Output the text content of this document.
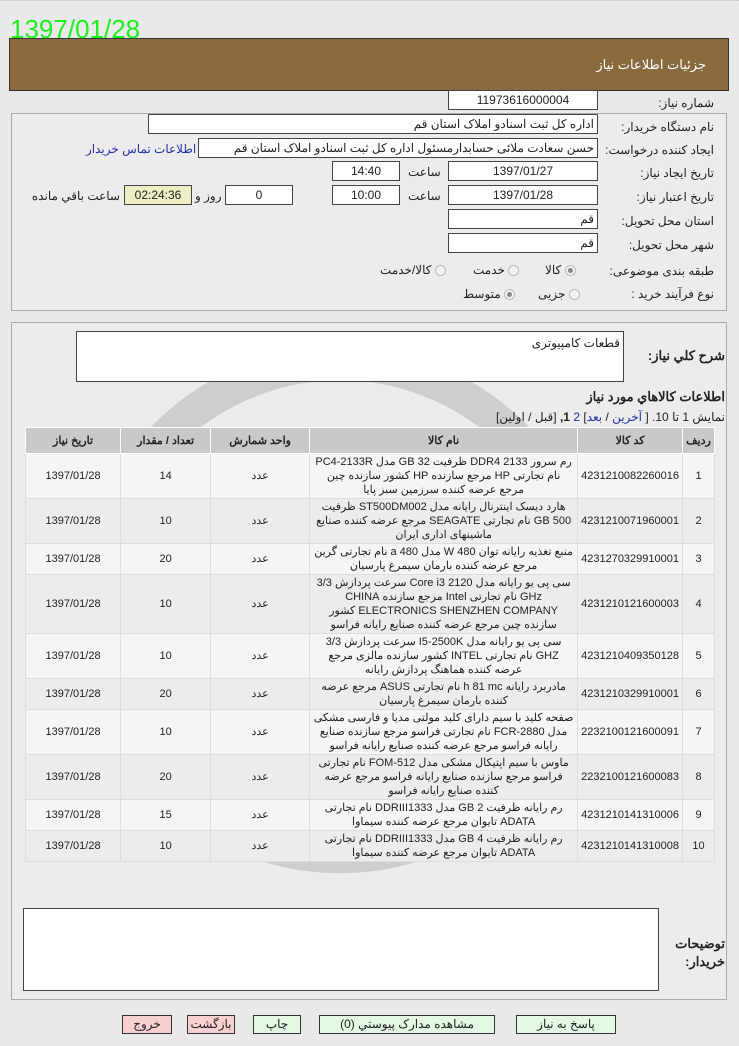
جزئیات اطلاعات نیاز
1397/01/28
شماره نیاز:
11973616000004
نام دستگاه خریدار:
اداره کل ثبت اسنادو املاک استان قم
ایجاد کننده درخواست:
حسن سعادت ملائی حسابدارمسئول اداره کل ثبت اسنادو املاک استان قم
اطلاعات تماس خریدار
تاریخ ایجاد نیاز:
1397/01/27
ساعت
14:40
تاریخ اعتبار نیاز:
1397/01/28
ساعت
10:00
0
روز و
02:24:36
ساعت باقي مانده
استان محل تحویل:
قم
شهر محل تحویل:
قم
طبقه بندی موضوعی:
کالا
خدمت
کالا/خدمت
نوع فرآیند خرید :
جزیی
متوسط
شرح کلي نياز:
قطعات کامپیوتری
اطلاعات کالاهاي مورد نياز
نمایش 1 تا 10. [ آخرین / بعد] 2 1, [قبل / اولین]
ردیف	کد کالا	نام کالا	واحد شمارش	تعداد / مقدار	تاریخ نیاز
1	4231210082260016	رم سرور DDR4 2133 ظرفیت 32 GB مدل PC4-2133R نام تجارتی HP مرجع سازنده HP کشور سازنده چین مرجع عرضه کننده سرزمین سبز پایا	عدد	14	1397/01/28
2	4231210071960001	هارد دیسک اینترنال رایانه مدل ST500DM002 ظرفیت 500 GB نام تجارتی SEAGATE مرجع عرضه کننده صنایع ماشینهای اداری ایران	عدد	10	1397/01/28
3	4231270329910001	منبع تغذیه رایانه توان 480 W مدل 480 a نام تجارتی گرین مرجع عرضه کننده بارمان سیمرغ پارسیان	عدد	20	1397/01/28
4	4231210121600003	سی پی یو رایانه مدل Core i3 2120 سرعت پردازش 3/3 GHz نام تجارتی Intel مرجع سازنده CHINA ELECTRONICS SHENZHEN COMPANY کشور سازنده چین مرجع عرضه کننده صنایع رایانه فراسو	عدد	10	1397/01/28
5	4231210409350128	سی پی یو رایانه مدل I5-2500K سرعت پردازش 3/3 GHZ نام تجارتی INTEL کشور سازنده مالزی مرجع عرضه کننده هماهنگ پردازش رایانه	عدد	10	1397/01/28
6	4231210329910001	مادربرد رایانه h 81 mc نام تجارتی ASUS مرجع عرضه کننده بارمان سیمرغ پارسیان	عدد	20	1397/01/28
7	2232100121600091	صفحه کلید با سیم دارای کلید مولتی مدیا و فارسی مشکی مدل FCR-2880 نام تجارتی فراسو مرجع سازنده صنایع رایانه فراسو مرجع عرضه کننده صنایع رایانه فراسو	عدد	10	1397/01/28
8	2232100121600083	ماوس با سیم اپتیکال مشکی مدل FOM-512 نام تجارتی فراسو مرجع سازنده صنایع رایانه فراسو مرجع عرضه کننده صنایع رایانه فراسو	عدد	20	1397/01/28
9	4231210141310006	رم رایانه ظرفیت 2 GB مدل DDRIII1333 نام تجارتی ADATA تایوان مرجع عرضه کننده سیماوا	عدد	15	1397/01/28
10	4231210141310008	رم رایانه ظرفیت 4 GB مدل DDRIII1333 نام تجارتی ADATA تایوان مرجع عرضه کننده سیماوا	عدد	10	1397/01/28
توضیحات خریدار:
پاسخ به نیاز
مشاهده مدارک پیوستي (0)
چاپ
بازگشت
خروج
